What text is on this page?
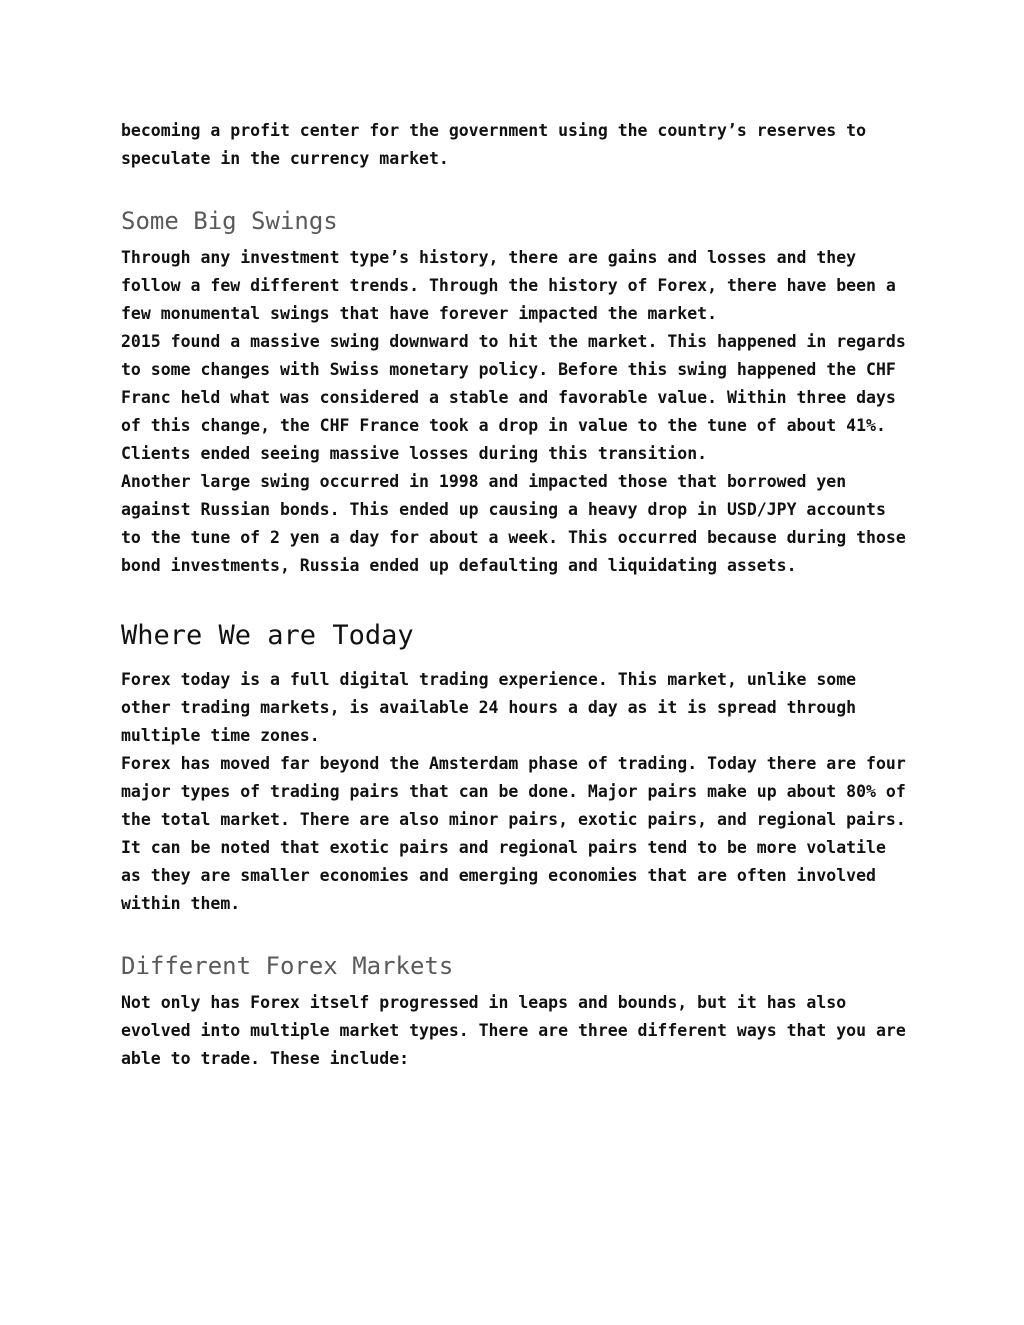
becoming a profit center for the government using the country’s reserves to speculate in the currency market.

Some Big Swings

Through any investment type’s history, there are gains and losses and they follow a few different trends. Through the history of Forex, there have been a few monumental swings that have forever impacted the market.

2015 found a massive swing downward to hit the market. This happened in regards to some changes with Swiss monetary policy. Before this swing happened the CHF Franc held what was considered a stable and favorable value. Within three days of this change, the CHF France took a drop in value to the tune of about 41%. Clients ended seeing massive losses during this transition.

Another large swing occurred in 1998 and impacted those that borrowed yen against Russian bonds. This ended up causing a heavy drop in USD/JPY accounts to the tune of 2 yen a day for about a week. This occurred because during those bond investments, Russia ended up defaulting and liquidating assets.

Where We are Today

Forex today is a full digital trading experience. This market, unlike some other trading markets, is available 24 hours a day as it is spread through multiple time zones.

Forex has moved far beyond the Amsterdam phase of trading. Today there are four major types of trading pairs that can be done. Major pairs make up about 80% of the total market. There are also minor pairs, exotic pairs, and regional pairs.

It can be noted that exotic pairs and regional pairs tend to be more volatile as they are smaller economies and emerging economies that are often involved within them.

Different Forex Markets

Not only has Forex itself progressed in leaps and bounds, but it has also evolved into multiple market types. There are three different ways that you are able to trade. These include:
